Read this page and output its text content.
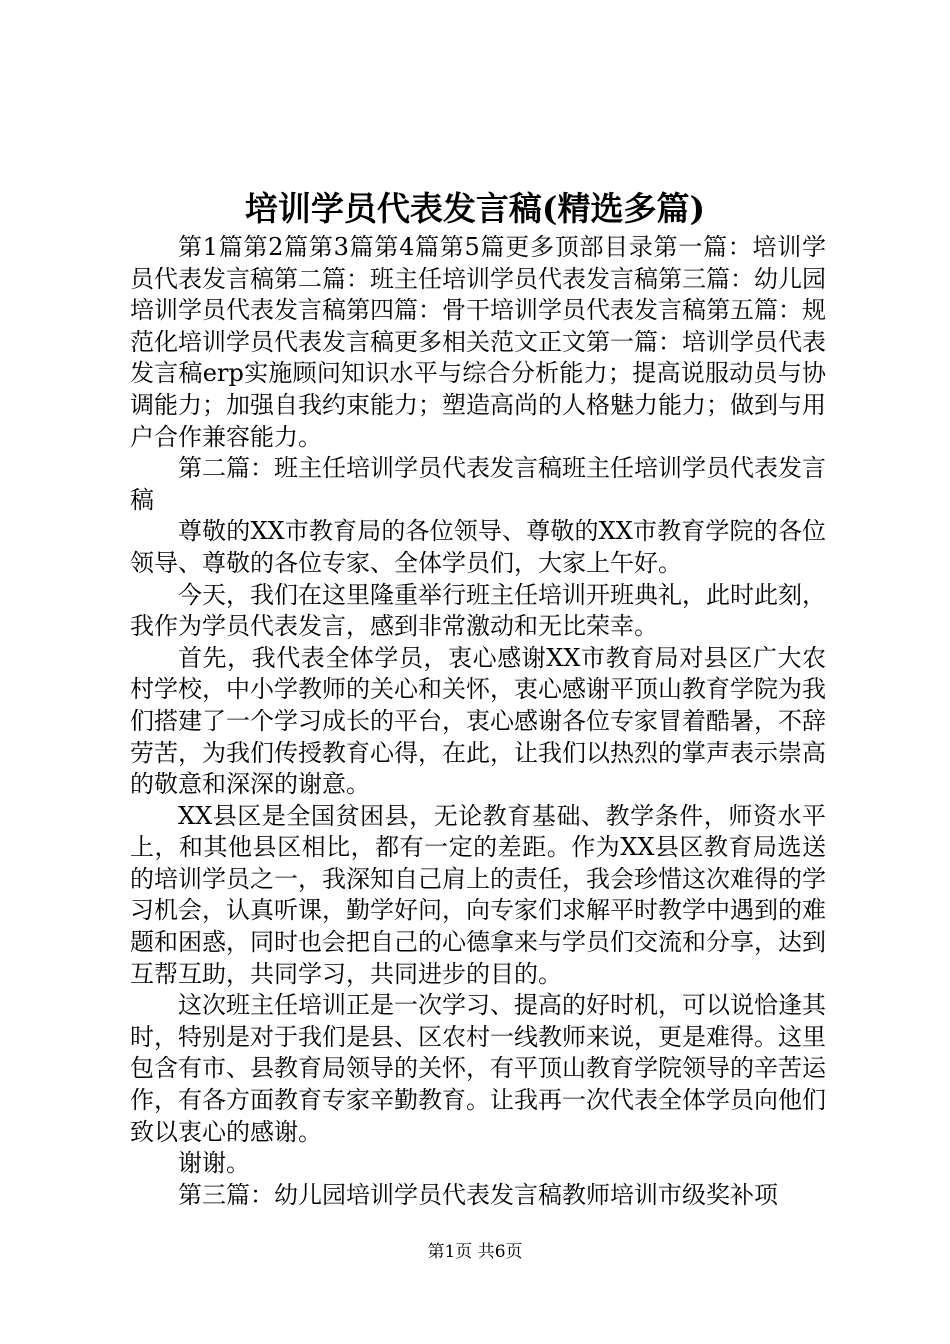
培训学员代表发言稿(精选多篇)

第1篇第2篇第3篇第4篇第5篇更多顶部目录第一篇：培训学员代表发言稿第二篇：班主任培训学员代表发言稿第三篇：幼儿园培训学员代表发言稿第四篇：骨干培训学员代表发言稿第五篇：规范化培训学员代表发言稿更多相关范文正文第一篇：培训学员代表发言稿erp实施顾问知识水平与综合分析能力；提高说服动员与协调能力；加强自我约束能力；塑造高尚的人格魅力能力；做到与用户合作兼容能力。

第二篇：班主任培训学员代表发言稿班主任培训学员代表发言稿

尊敬的XX市教育局的各位领导、尊敬的XX市教育学院的各位领导、尊敬的各位专家、全体学员们，大家上午好。

今天，我们在这里隆重举行班主任培训开班典礼，此时此刻，我作为学员代表发言，感到非常激动和无比荣幸。

首先，我代表全体学员，衷心感谢XX市教育局对县区广大农村学校，中小学教师的关心和关怀，衷心感谢平顶山教育学院为我们搭建了一个学习成长的平台，衷心感谢各位专家冒着酷暑，不辞劳苦，为我们传授教育心得，在此，让我们以热烈的掌声表示崇高的敬意和深深的谢意。

XX县区是全国贫困县，无论教育基础、教学条件，师资水平上，和其他县区相比，都有一定的差距。作为XX县区教育局选送的培训学员之一，我深知自己肩上的责任，我会珍惜这次难得的学习机会，认真听课，勤学好问，向专家们求解平时教学中遇到的难题和困惑，同时也会把自己的心德拿来与学员们交流和分享，达到互帮互助，共同学习，共同进步的目的。

这次班主任培训正是一次学习、提高的好时机，可以说恰逢其时，特别是对于我们是县、区农村一线教师来说，更是难得。这里包含有市、县教育局领导的关怀，有平顶山教育学院领导的辛苦运作，有各方面教育专家辛勤教育。让我再一次代表全体学员向他们致以衷心的感谢。

谢谢。

第三篇：幼儿园培训学员代表发言稿教师培训市级奖补项

第1页 共6页
